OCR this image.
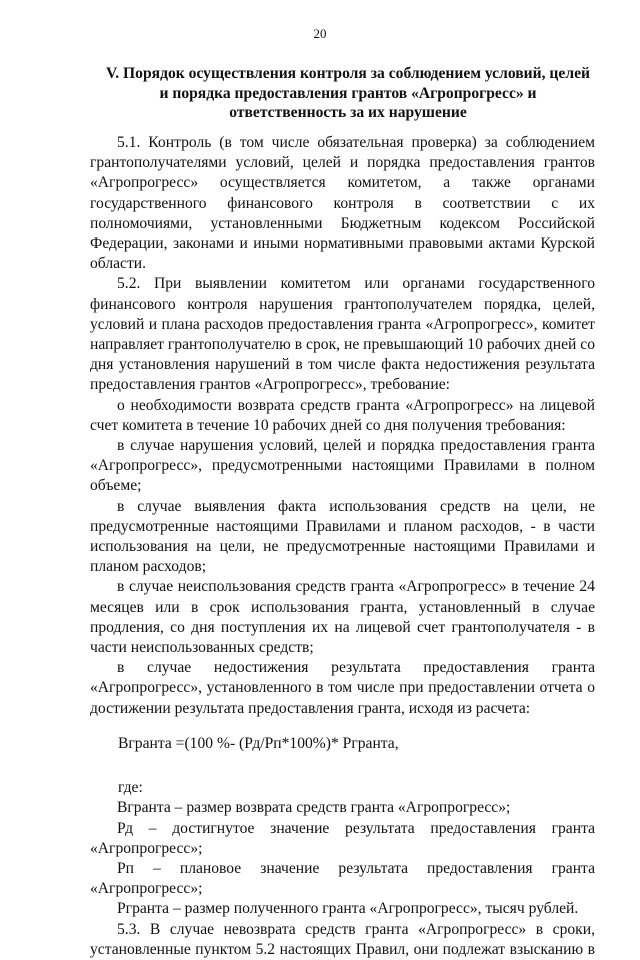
20
V. Порядок осуществления контроля за соблюдением условий, целей и порядка предоставления грантов «Агропрогресс» и ответственность за их нарушение

5.1. Контроль (в том числе обязательная проверка) за соблюдением грантополучателями условий, целей и порядка предоставления грантов «Агропрогресс» осуществляется комитетом, а также органами государственного финансового контроля в соответствии с их полномочиями, установленными Бюджетным кодексом Российской Федерации, законами и иными нормативными правовыми актами Курской области.

5.2. При выявлении комитетом или органами государственного финансового контроля нарушения грантополучателем порядка, целей, условий и плана расходов предоставления гранта «Агропрогресс», комитет направляет грантополучателю в срок, не превышающий 10 рабочих дней со дня установления нарушений в том числе факта недостижения результата предоставления грантов «Агропрогресс», требование:

о необходимости возврата средств гранта «Агропрогресс» на лицевой счет комитета в течение 10 рабочих дней со дня получения требования:

в случае нарушения условий, целей и порядка предоставления гранта «Агропрогресс», предусмотренными настоящими Правилами в полном объеме;

в случае выявления факта использования средств на цели, не предусмотренные настоящими Правилами и планом расходов, - в части использования на цели, не предусмотренные настоящими Правилами и планом расходов;

в случае неиспользования средств гранта «Агропрогресс» в течение 24 месяцев или в срок использования гранта, установленный в случае продления, со дня поступления их на лицевой счет грантополучателя - в части неиспользованных средств;

в случае недостижения результата предоставления гранта «Агропрогресс», установленного в том числе при предоставлении отчета о достижении результата предоставления гранта, исходя из расчета:

Вгранта =(100 %- (Рд/Рп*100%)* Ргранта,

где:

Вгранта – размер возврата средств гранта «Агропрогресс»;

Рд – достигнутое значение результата предоставления гранта «Агропрогресс»;

Рп – плановое значение результата предоставления гранта «Агропрогресс»;

Ргранта – размер полученного гранта «Агропрогресс», тысяч рублей.

5.3. В случае невозврата средств гранта «Агропрогресс» в сроки, установленные пунктом 5.2 настоящих Правил, они подлежат взысканию в
